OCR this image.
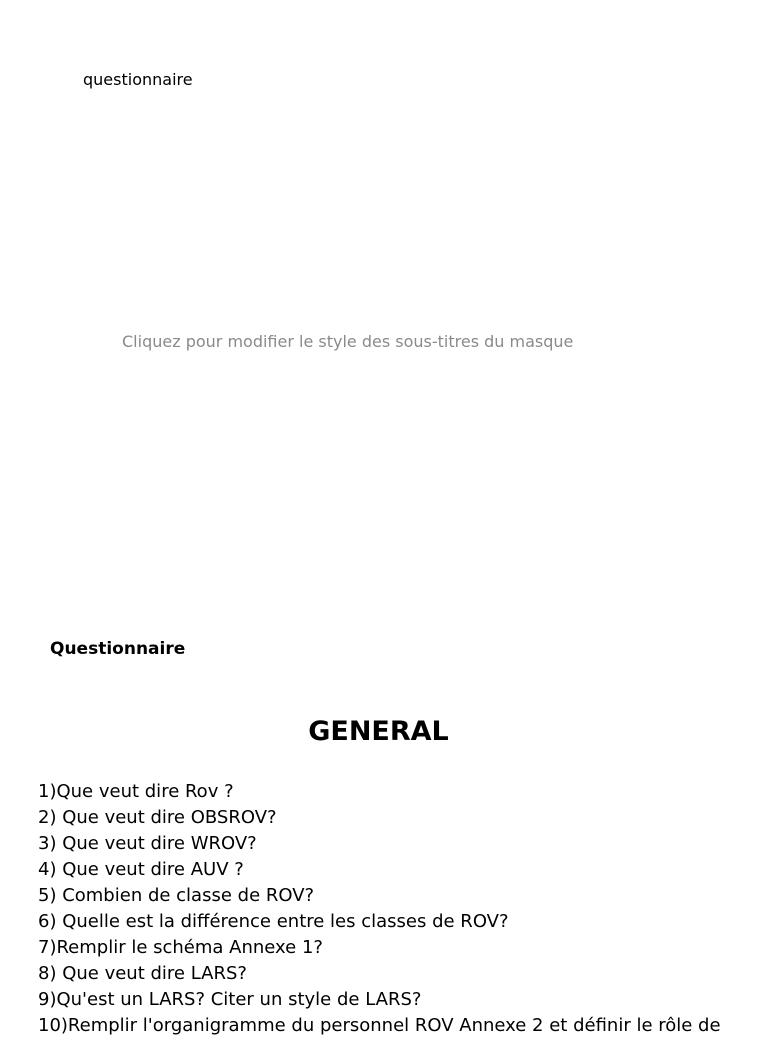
questionnaire
Cliquez pour modifier le style des sous-titres du masque
Questionnaire
GENERAL
1)Que veut dire Rov ?
2) Que veut dire OBSROV?
3) Que veut dire WROV?
4) Que veut dire AUV ?
5) Combien de classe de ROV?
6) Quelle est la différence entre les classes de ROV?
7)Remplir le schéma Annexe 1?
8) Que veut dire LARS?
9)Qu'est un LARS? Citer un style de LARS?
10)Remplir l'organigramme du personnel ROV Annexe 2 et définir le rôle de
